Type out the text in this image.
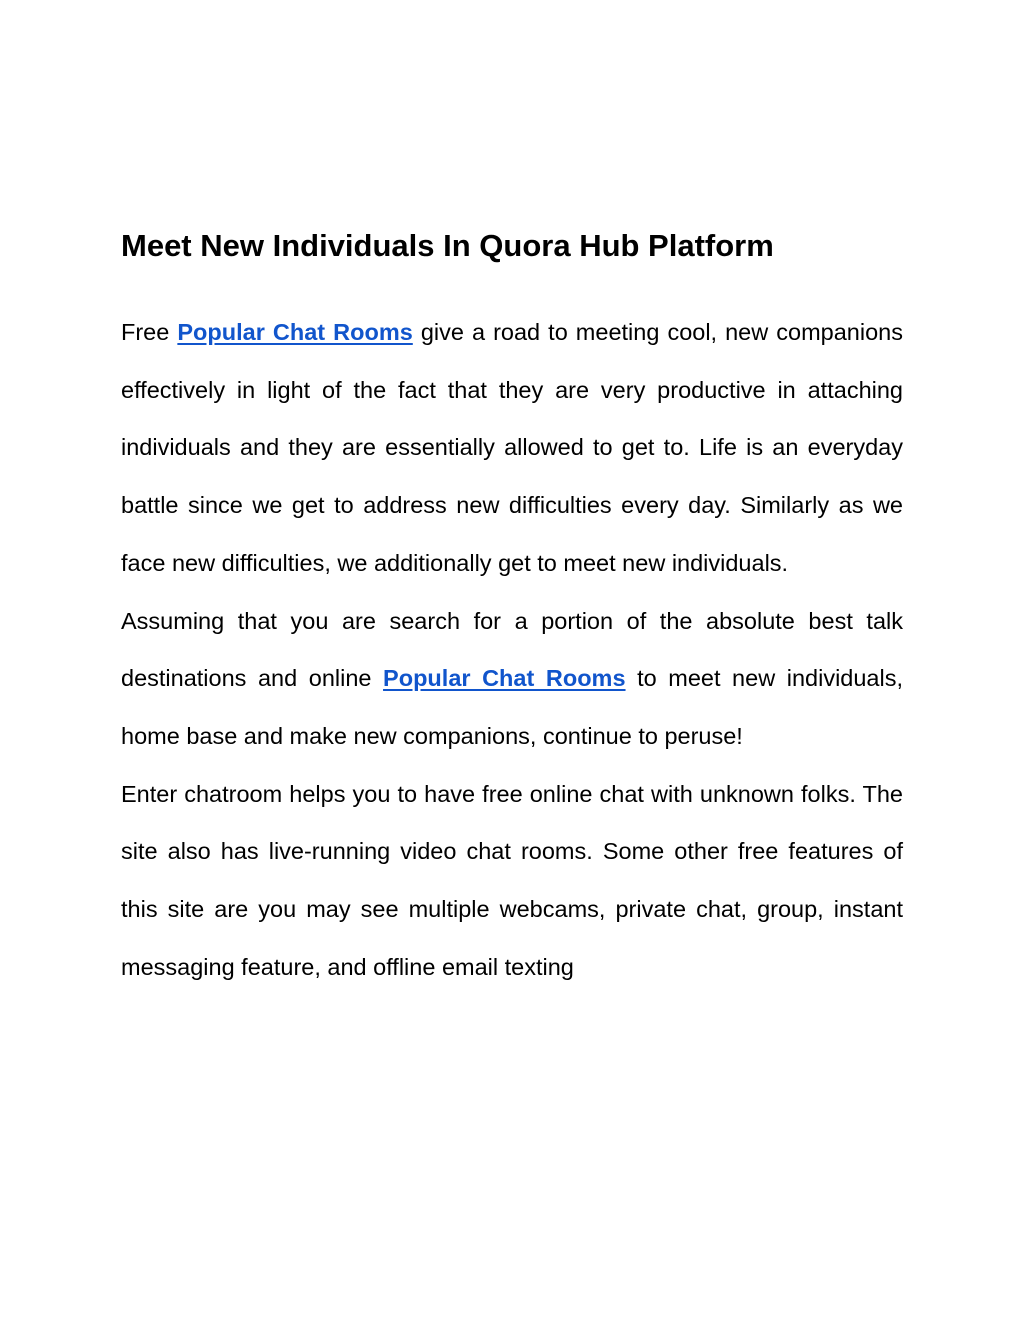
Meet New Individuals In Quora Hub Platform

Free Popular Chat Rooms give a road to meeting cool, new companions effectively in light of the fact that they are very productive in attaching individuals and they are essentially allowed to get to. Life is an everyday battle since we get to address new difficulties every day. Similarly as we face new difficulties, we additionally get to meet new individuals.

Assuming that you are search for a portion of the absolute best talk destinations and online Popular Chat Rooms to meet new individuals, home base and make new companions, continue to peruse!

Enter chatroom helps you to have free online chat with unknown folks. The site also has live-running video chat rooms. Some other free features of this site are you may see multiple webcams, private chat, group, instant messaging feature, and offline email texting
